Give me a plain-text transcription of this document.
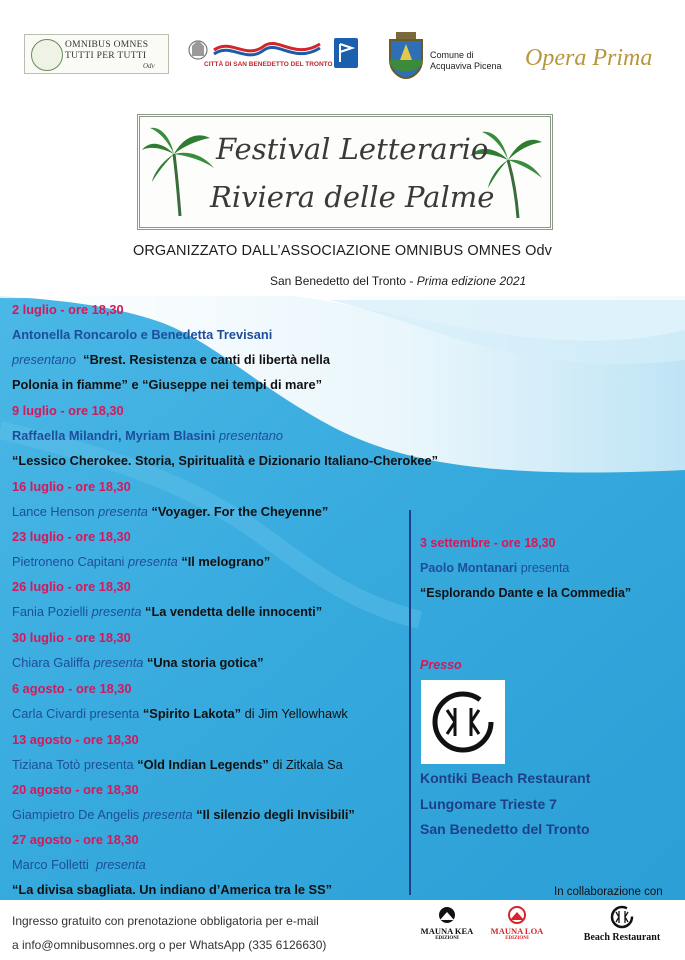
OMNIBUS OMNES
TUTTI PER TUTTI
Odv	CITTÀ DI SAN BENEDETTO DEL TRONTO
Comune di
Acquaviva Picena Opera Prima
Festival Letterario
Riviera delle Palme
ORGANIZZATO DALL’ASSOCIAZIONE OMNIBUS OMNES Odv
San Benedetto del Tronto - Prima edizione 2021
2 luglio - ore 18,30
Antonella Roncarolo e Benedetta Trevisani
presentano “Brest. Resistenza e canti di libertà nella
Polonia in fiamme” e “Giuseppe nei tempi di mare”
9 luglio - ore 18,30
Raffaella Milandri, Myriam Blasini presentano
“Lessico Cherokee. Storia, Spiritualità e Dizionario Italiano-Cherokee”
16 luglio - ore 18,30
Lance Henson presenta “Voyager. For the Cheyenne”
23 luglio - ore 18,30
Pietroneno Capitani presenta “Il melograno”
26 luglio - ore 18,30
Fania Pozielli presenta “La vendetta delle innocenti”
30 luglio - ore 18,30
Chiara Galiffa presenta “Una storia gotica”
6 agosto - ore 18,30
Carla Civardi presenta “Spirito Lakota” di Jim Yellowhawk
13 agosto - ore 18,30
Tiziana Totò presenta “Old Indian Legends” di Zitkala Sa
20 agosto - ore 18,30
Giampietro De Angelis presenta “Il silenzio degli Invisibili”
27 agosto - ore 18,30
Marco Folletti presenta
“La divisa sbagliata. Un indiano d’America tra le SS”
3 settembre - ore 18,30
Paolo Montanari presenta
“Esplorando Dante e la Commedia”
Presso
Kontiki Beach Restaurant
Lungomare Trieste 7
San Benedetto del Tronto
In collaborazione con
Ingresso gratuito con prenotazione obbligatoria per e-mail
a info@omnibusomnes.org o per WhatsApp (335 6126630)
MAUNA KEA
EDIZIONI
MAUNA LOA
EDIZIONI	Beach Restaurant
